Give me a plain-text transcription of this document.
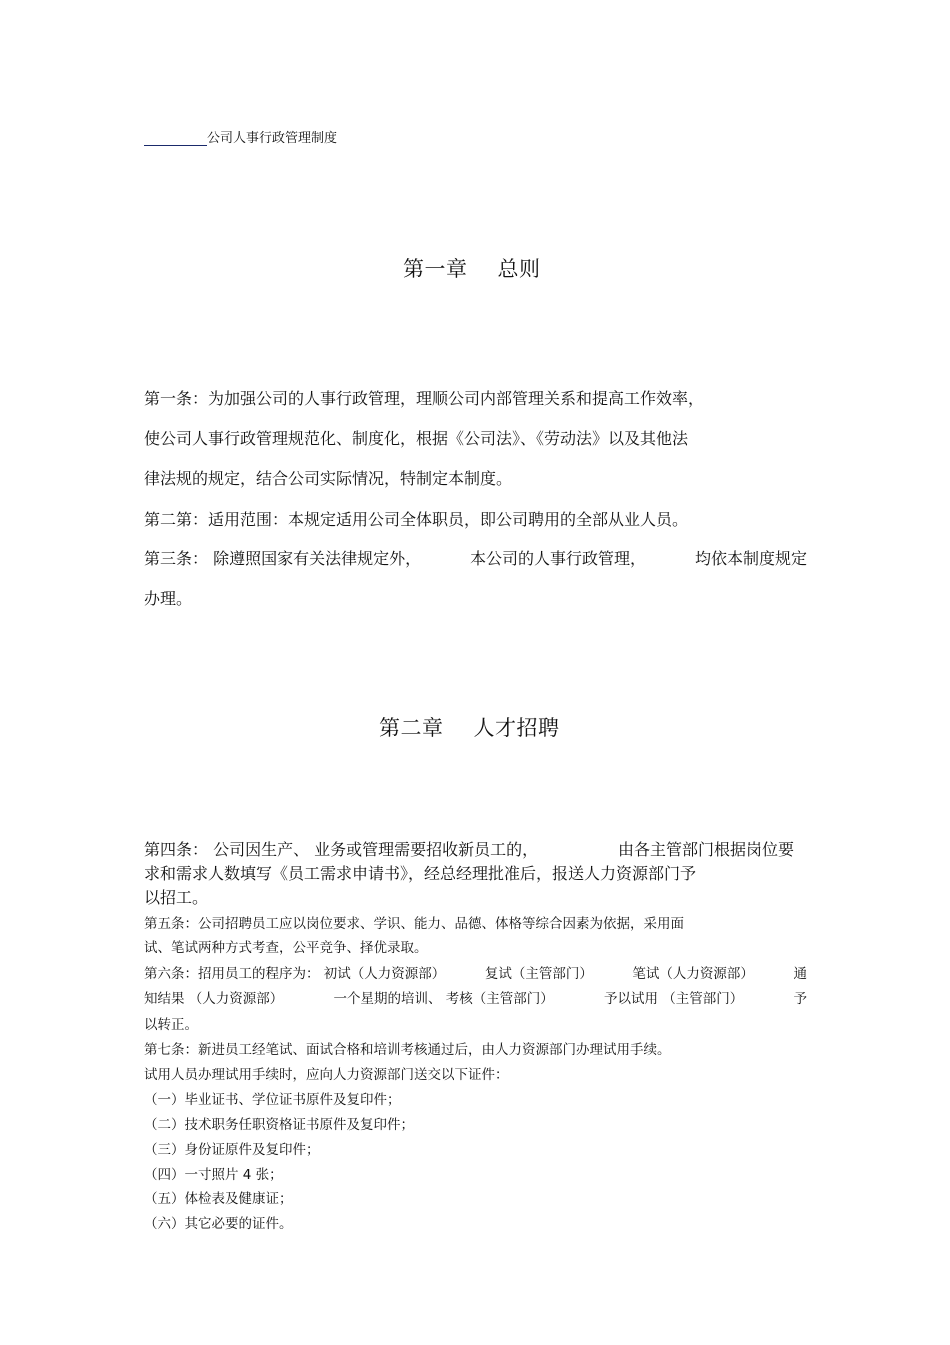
公司人事行政管理制度
第一章 总则
第一条：为加强公司的人事行政管理，理顺公司内部管理关系和提高工作效率，
使公司人事行政管理规范化、制度化，根据《公司法》、《劳动法》以及其他法
律法规的规定，结合公司实际情况，特制定本制度。
第二第：适用范围：本规定适用公司全体职员，即公司聘用的全部从业人员。
第三条： 除遵照国家有关法律规定外，	本公司的人事行政管理，	均依本制度规定
办理。
第二章 人才招聘
第四条： 公司因生产、 业务或管理需要招收新员工的，	由各主管部门根据岗位要
求和需求人数填写《员工需求申请书》，经总经理批准后，报送人力资源部门予
以招工。
第五条：公司招聘员工应以岗位要求、学识、能力、品德、体格等综合因素为依据，采用面
试、笔试两种方式考查，公平竞争、择优录取。
第六条：招用员工的程序为： 初试（人力资源部）	复试（主管部门）	笔试（人力资源部）	通
知结果 （人力资源部）	一个星期的培训、 考核（主管部门）	予以试用 （主管部门）	予
以转正。
第七条：新进员工经笔试、面试合格和培训考核通过后，由人力资源部门办理试用手续。
试用人员办理试用手续时，应向人力资源部门送交以下证件：
（一）毕业证书、学位证书原件及复印件；
（二）技术职务任职资格证书原件及复印件；
（三）身份证原件及复印件；
（四）一寸照片 4 张；
（五）体检表及健康证；
（六）其它必要的证件。
